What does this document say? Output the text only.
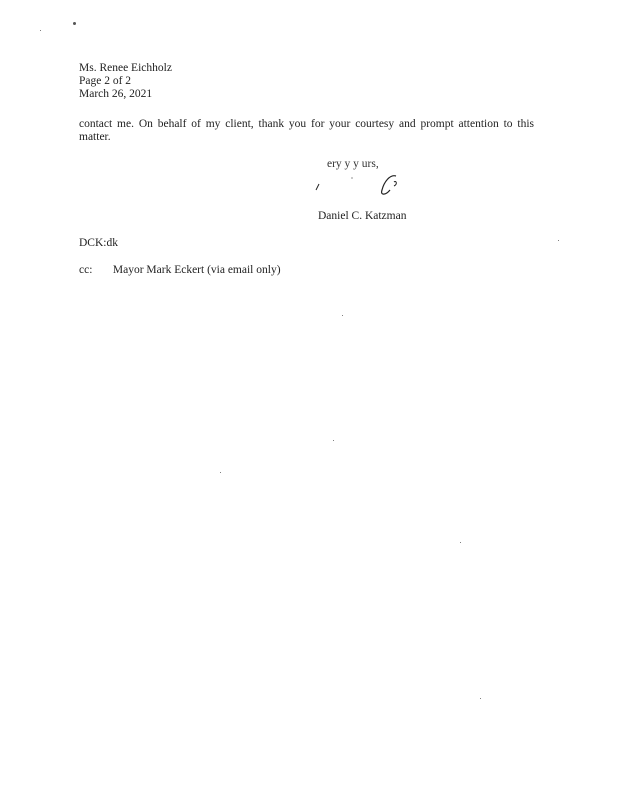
Ms. Renee Eichholz
Page 2 of 2
March 26, 2021
contact me. On behalf of my client, thank you for your courtesy and prompt attention to this matter.
ery y y urs,
Daniel C. Katzman
DCK:dk
cc: Mayor Mark Eckert (via email only)
